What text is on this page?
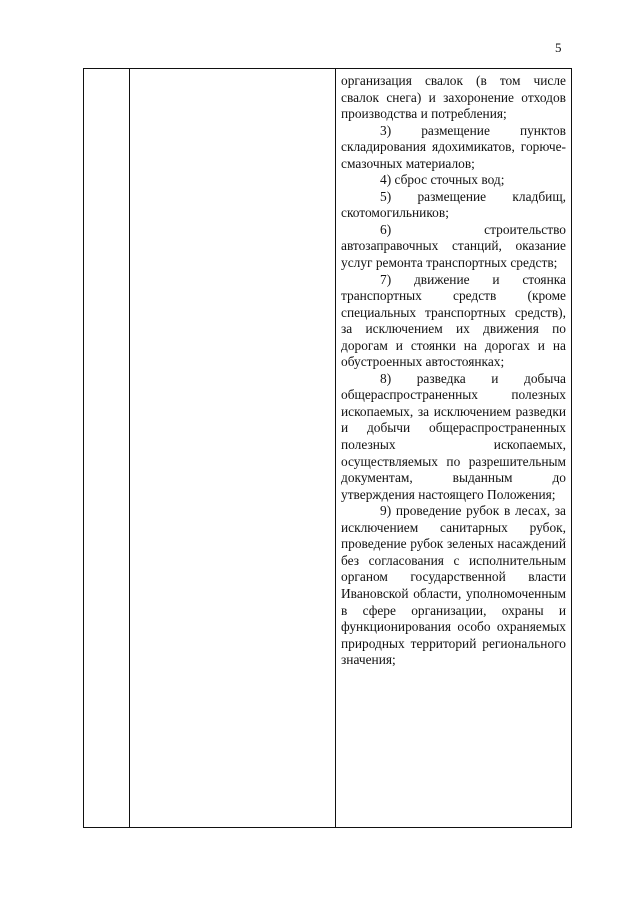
5

организация свалок (в том числе свалок снега) и захоронение отходов производства и потребления;

3) размещение пунктов складирования ядохимикатов, горюче-смазочных материалов;

4) сброс сточных вод;

5) размещение кладбищ, скотомогильников;

6) строительство автозаправочных станций, оказание услуг ремонта транспортных средств;

7) движение и стоянка транспортных средств (кроме специальных транспортных средств), за исключением их движения по дорогам и стоянки на дорогах и на обустроенных автостоянках;

8) разведка и добыча общераспространенных полезных ископаемых, за исключением разведки и добычи общераспространенных полезных ископаемых, осуществляемых по разрешительным документам, выданным до утверждения настоящего Положения;

9) проведение рубок в лесах, за исключением санитарных рубок, проведение рубок зеленых насаждений без согласования с исполнительным органом государственной власти Ивановской области, уполномоченным в сфере организации, охраны и функционирования особо охраняемых природных территорий регионального значения;
